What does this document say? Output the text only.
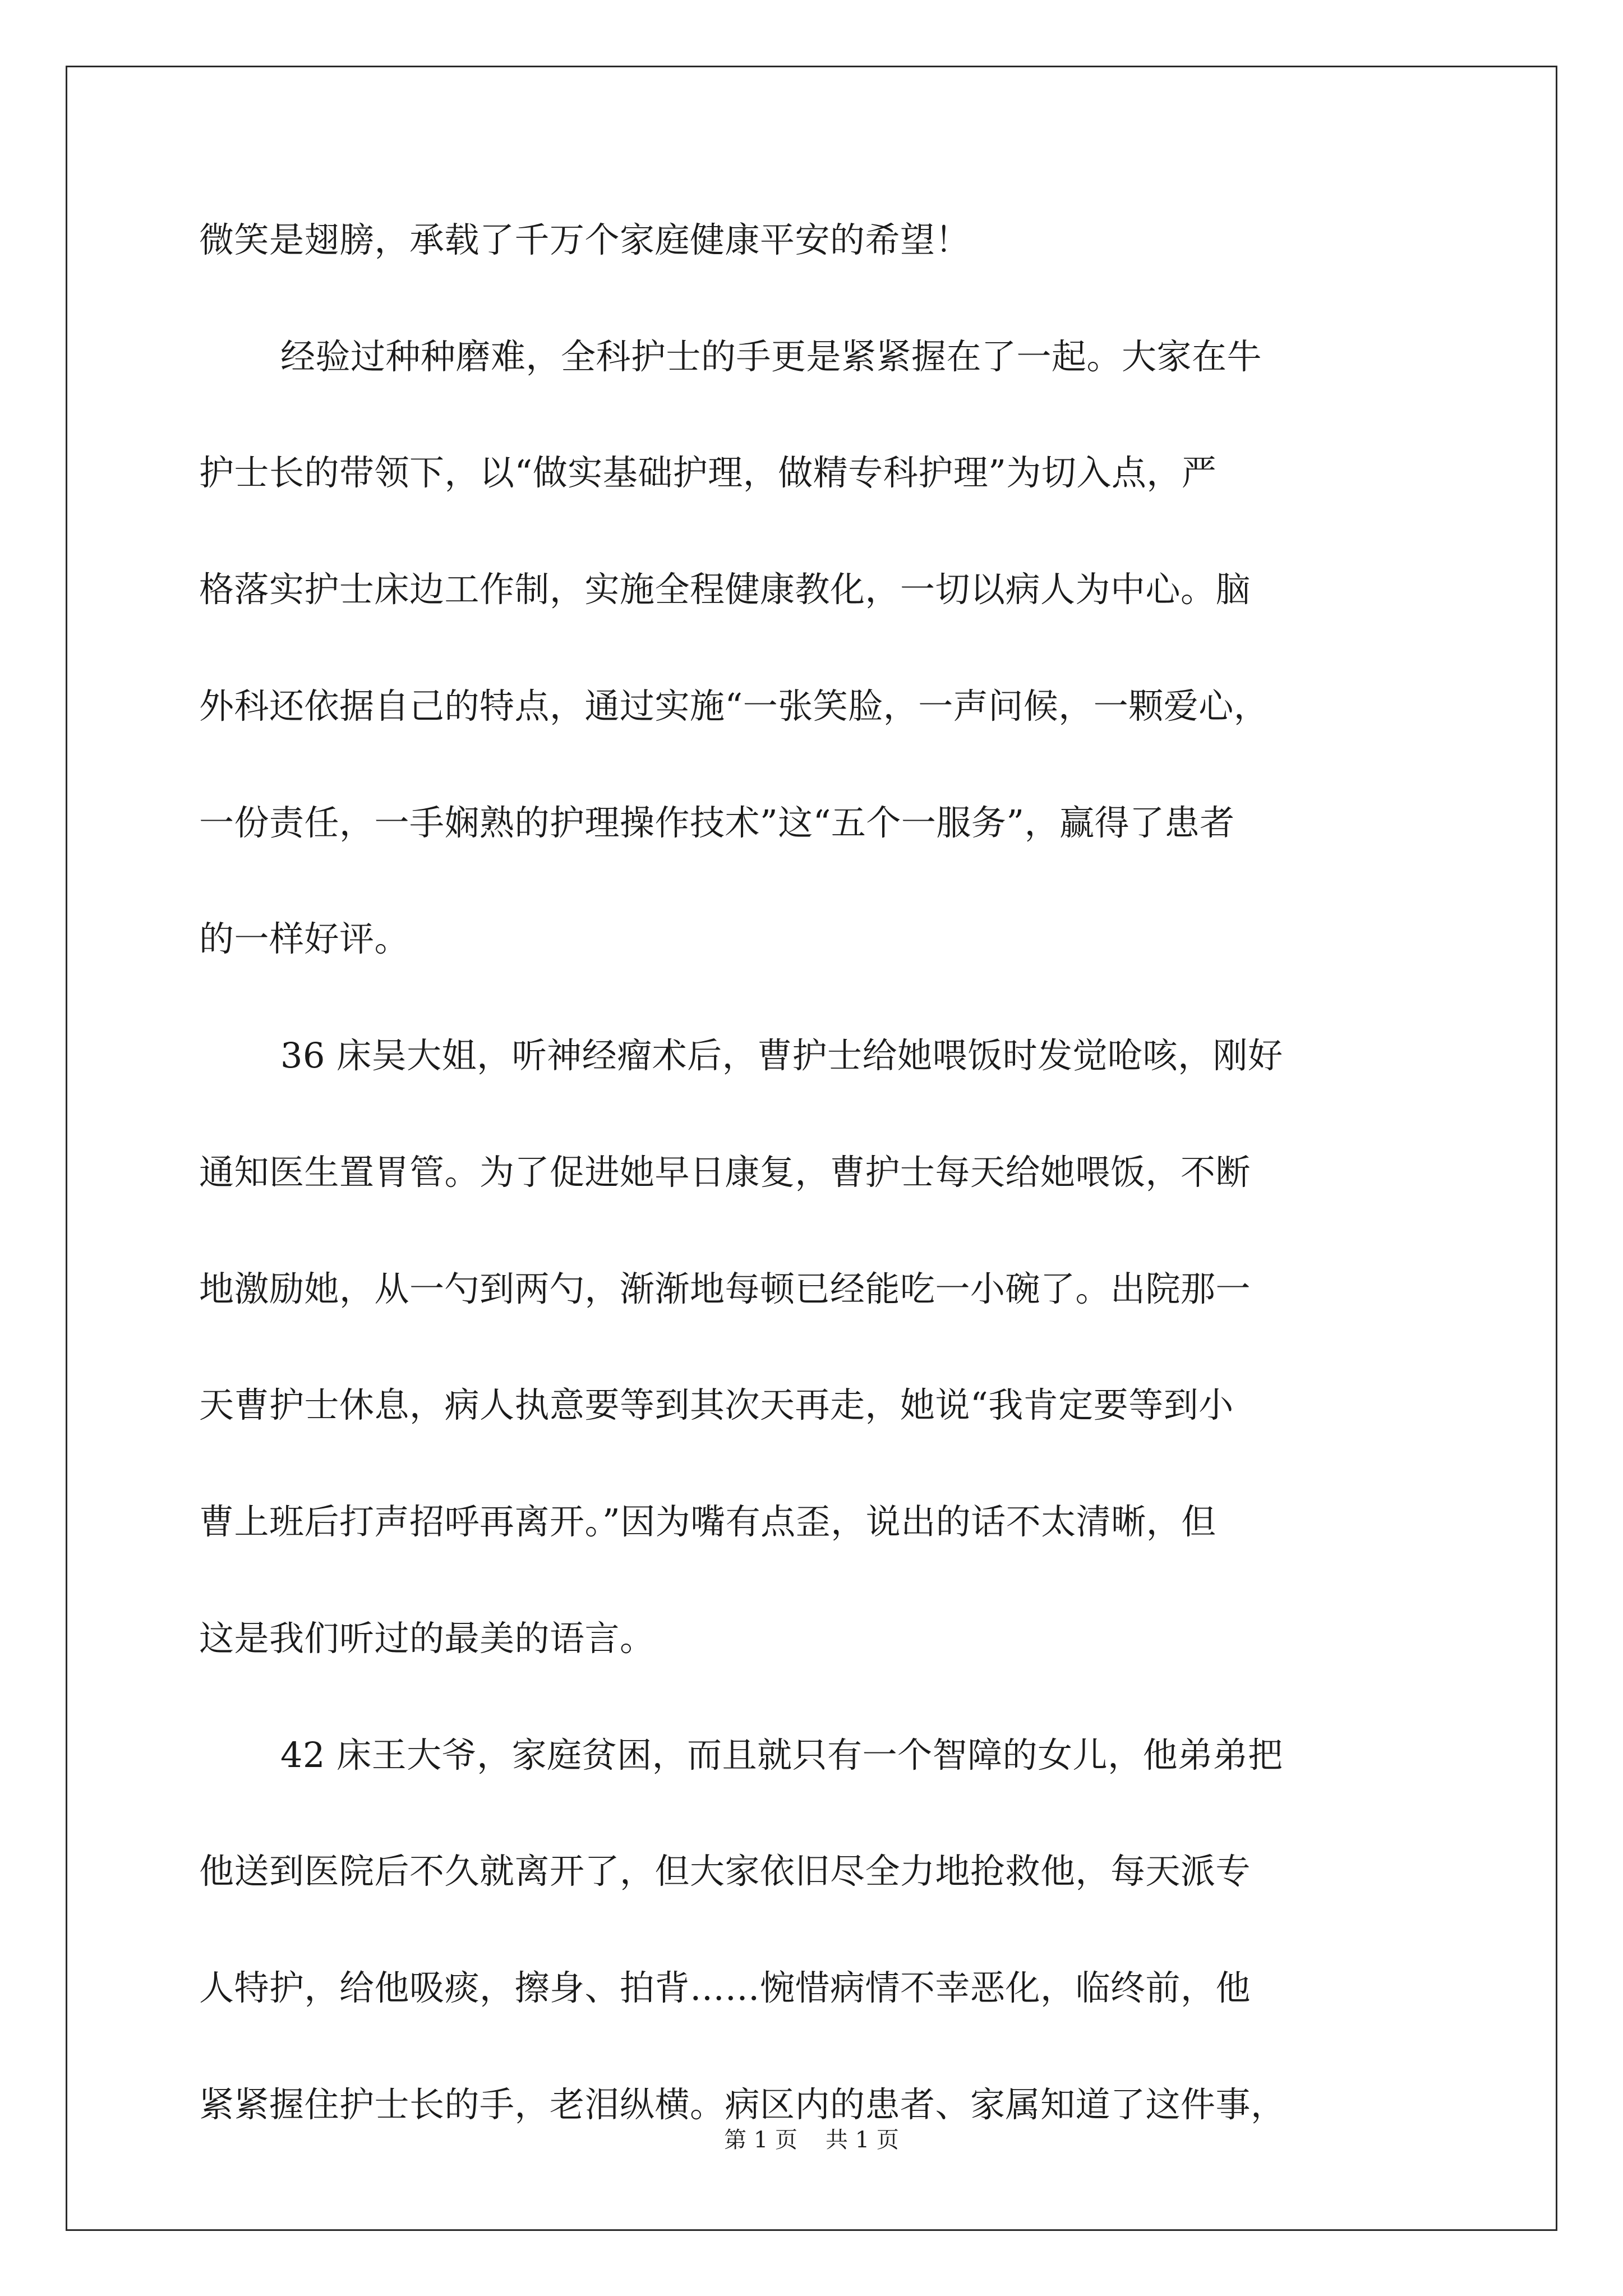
微笑是翅膀，承载了千万个家庭健康平安的希望！
经验过种种磨难，全科护士的手更是紧紧握在了一起。大家在牛
护士长的带领下，以“做实基础护理，做精专科护理”为切入点，严
格落实护士床边工作制，实施全程健康教化，一切以病人为中心。脑
外科还依据自己的特点，通过实施“一张笑脸，一声问候，一颗爱心，
一份责任，一手娴熟的护理操作技术”这“五个一服务”，赢得了患者
的一样好评。
36 床吴大姐，听神经瘤术后，曹护士给她喂饭时发觉呛咳，刚好
通知医生置胃管。为了促进她早日康复，曹护士每天给她喂饭，不断
地激励她，从一勺到两勺，渐渐地每顿已经能吃一小碗了。出院那一
天曹护士休息，病人执意要等到其次天再走，她说“我肯定要等到小
曹上班后打声招呼再离开。”因为嘴有点歪，说出的话不太清晰，但
这是我们听过的最美的语言。
42 床王大爷，家庭贫困，而且就只有一个智障的女儿，他弟弟把
他送到医院后不久就离开了，但大家依旧尽全力地抢救他，每天派专
人特护，给他吸痰，擦身、拍背……惋惜病情不幸恶化，临终前，他
紧紧握住护士长的手，老泪纵横。病区内的患者、家属知道了这件事，
第 1 页 共 1 页
